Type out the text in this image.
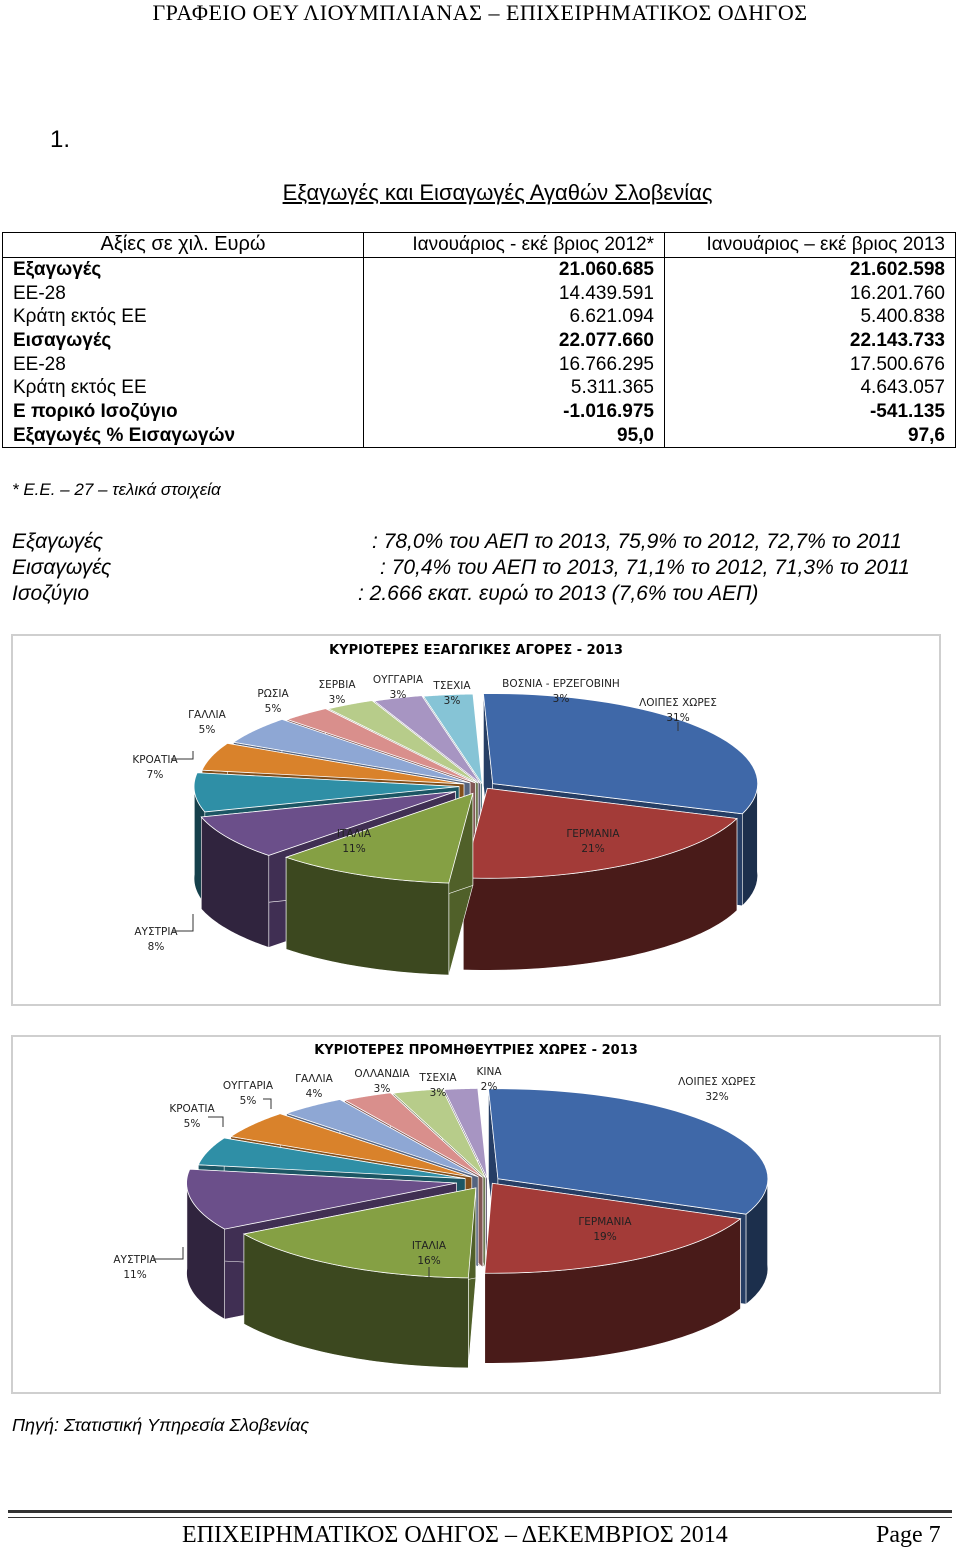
ΓΡΑΦΕΙΟ ΟΕΥ ΛΙΟΥΜΠΛΙΑΝΑΣ – ΕΠΙΧΕΙΡΗΜΑΤΙΚΟΣ ΟΔΗΓΟΣ
1.
Εξαγωγές και Εισαγωγές Αγαθών Σλοβενίας
Αξίες σε χιλ. Ευρώ	Ιανουάριος - εκέ βριος 2012*	Ιανουάριος – εκέ βριος 2013
Εξαγωγές	21.060.685	21.602.598
ΕΕ-28	14.439.591	16.201.760
Κράτη εκτός ΕΕ	6.621.094	5.400.838
Εισαγωγές	22.077.660	22.143.733
ΕΕ-28	16.766.295	17.500.676
Κράτη εκτός ΕΕ	5.311.365	4.643.057
Ε πορικό Ισοζύγιο	-1.016.975	-541.135
Εξαγωγές % Εισαγωγών	95,0	97,6
* Ε.Ε. – 27 – τελικά στοιχεία
Εξαγωγές	: 78,0% του ΑΕΠ το 2013, 75,9% το 2012, 72,7% το 2011
Εισαγωγές	: 70,4% του ΑΕΠ το 2013, 71,1% το 2012, 71,3% το 2011
Ισοζύγιο	: 2.666 εκατ. ευρώ το 2013 (7,6% του ΑΕΠ)
ΚΥΡΙΟΤΕΡΕΣ ΕΞΑΓΩΓΙΚΕΣ ΑΓΟΡΕΣ - 2013
ΛΟΙΠΕΣ ΧΩΡΕΣ
31%
ΓΕΡΜΑΝΙΑ
21%
ΙΤΑΛΙΑ
11%
ΑΥΣΤΡΙΑ
8%
ΚΡΟΑΤΙΑ
7%
ΓΑΛΛΙΑ
5%
ΡΩΣΙΑ
5%
ΣΕΡΒΙΑ
3%
ΟΥΓΓΑΡΙΑ
3%
ΤΣΕΧΙΑ
3%
ΒΟΣΝΙΑ - ΕΡΖΕΓΟΒΙΝΗ
3%
ΚΥΡΙΟΤΕΡΕΣ ΠΡΟΜΗΘΕΥΤΡΙΕΣ ΧΩΡΕΣ - 2013
ΛΟΙΠΕΣ ΧΩΡΕΣ
32%
ΓΕΡΜΑΝΙΑ
19%
ΙΤΑΛΙΑ
16%
ΑΥΣΤΡΙΑ
11%
ΚΡΟΑΤΙΑ
5%
ΟΥΓΓΑΡΙΑ
5%
ΓΑΛΛΙΑ
4%
ΟΛΛΑΝΔΙΑ
3%
ΤΣΕΧΙΑ
3%
ΚΙΝΑ
2%
Πηγή: Στατιστική Υπηρεσία Σλοβενίας
ΕΠΙΧΕΙΡΗΜΑΤΙΚΟΣ ΟΔΗΓΟΣ – ΔΕΚΕΜΒΡΙΟΣ 2014	Page 7
